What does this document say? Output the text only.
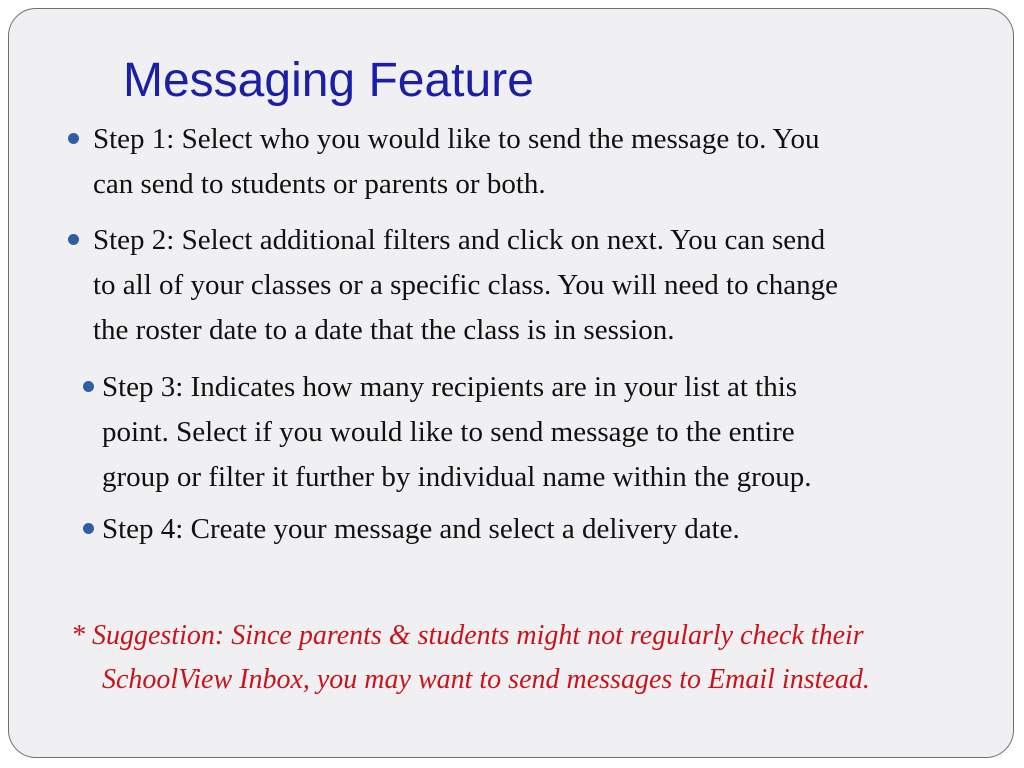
Messaging Feature
Step 1: Select who you would like to send the message to. You
can send to students or parents or both.
Step 2: Select additional filters and click on next. You can send
to all of your classes or a specific class. You will need to change
the roster date to a date that the class is in session.
Step 3: Indicates how many recipients are in your list at this
point. Select if you would like to send message to the entire
group or filter it further by individual name within the group.
Step 4: Create your message and select a delivery date.
* Suggestion: Since parents & students might not regularly check their
SchoolView Inbox, you may want to send messages to Email instead.
